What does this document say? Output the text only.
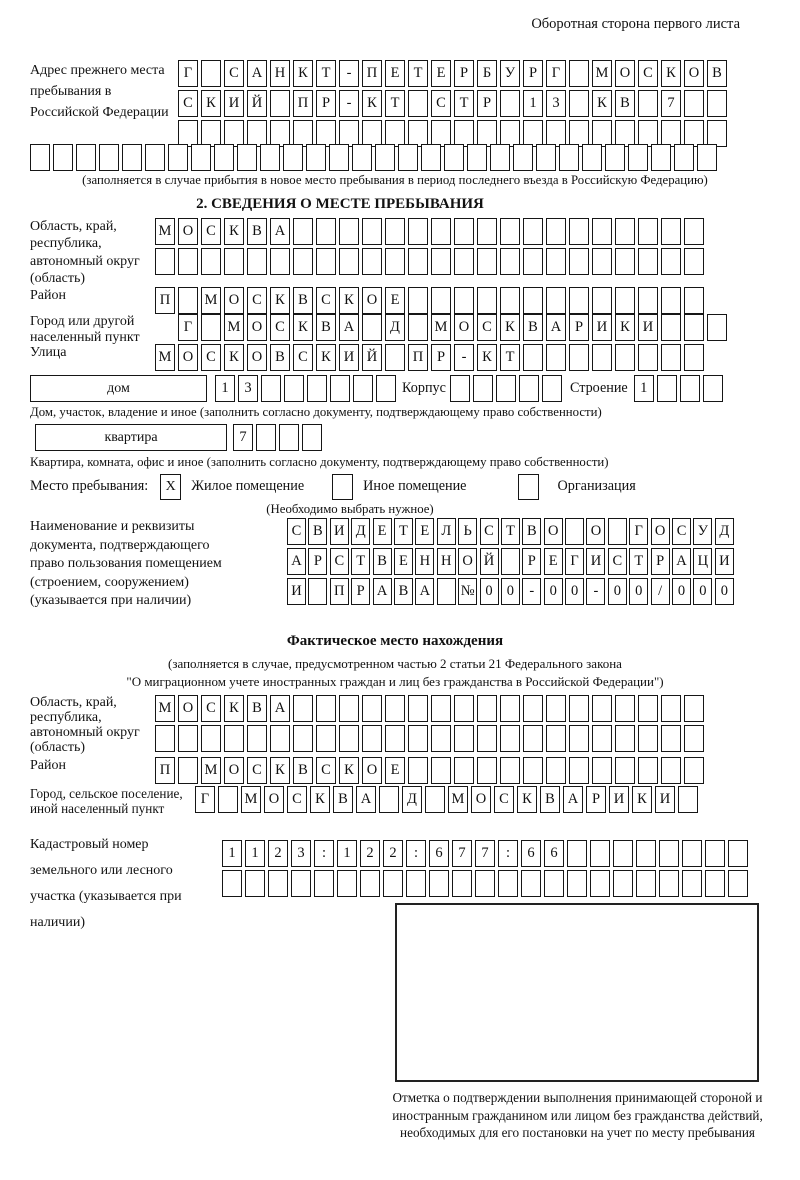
Оборотная сторона первого листа
Адрес прежнего места пребывания в Российской Федерации
Г	С А Н К Т	-	П Е Т Е	Р	Б У Р	Г	М О С К О В
С К И Й	П Р	-	К Т	С Т	Р	1	3	К В	7
(заполняется в случае прибытия в новое место пребывания в период последнего въезда в Российскую Федерацию)
2. СВЕДЕНИЯ О МЕСТЕ ПРЕБЫВАНИЯ
Область, край, республика, автономный округ (область)
М О С К В А
Район	П	М О С К В С К О Е
Город или другой населенный пункт
Г	М О С К В А	Д	М О С К В А Р И К И
Улица	М О С К О В С К И Й	П Р	-	К Т
дом	1	3	Корпус	Строение 1
Дом, участок, владение и иное (заполнить согласно документу, подтверждающему право собственности)
квартира	7
Квартира, комната, офис и иное (заполнить согласно документу, подтверждающему право собственности)
Место пребывания:	X	Жилое помещение	Иное помещение	Организация
(Необходимо выбрать нужное)
Наименование и реквизиты документа, подтверждающего право пользования помещением (строением, сооружением) (указывается при наличии)
С В И Д Е Т Е Л Ь С Т В О О	Г О С У Д
А Р С Т В Е Н Н О Й	Р Е Г И С Т Р А Ц И
И П Р А В А № 0 0	-	0 0	-	0 0	/	0 0 0
Фактическое место нахождения
(заполняется в случае, предусмотренном частью 2 статьи 21 Федерального закона
"О миграционном учете иностранных граждан и лиц без гражданства в Российской Федерации")
Область, край, республика, автономный округ (область)
М О С К В А
Район	П	М О С К В С К О Е
Город, сельское поселение, иной населенный пункт
Г	М О С К В А	Д	М О С К В А Р И К И
Кадастровый номер земельного или лесного участка (указывается при наличии)
1	1	2	3	:	1	2	2	:	6	7	7	:	6	6
Отметка о подтверждении выполнения принимающей стороной и иностранным гражданином или лицом без гражданства действий, необходимых для его постановки на учет по месту пребывания
